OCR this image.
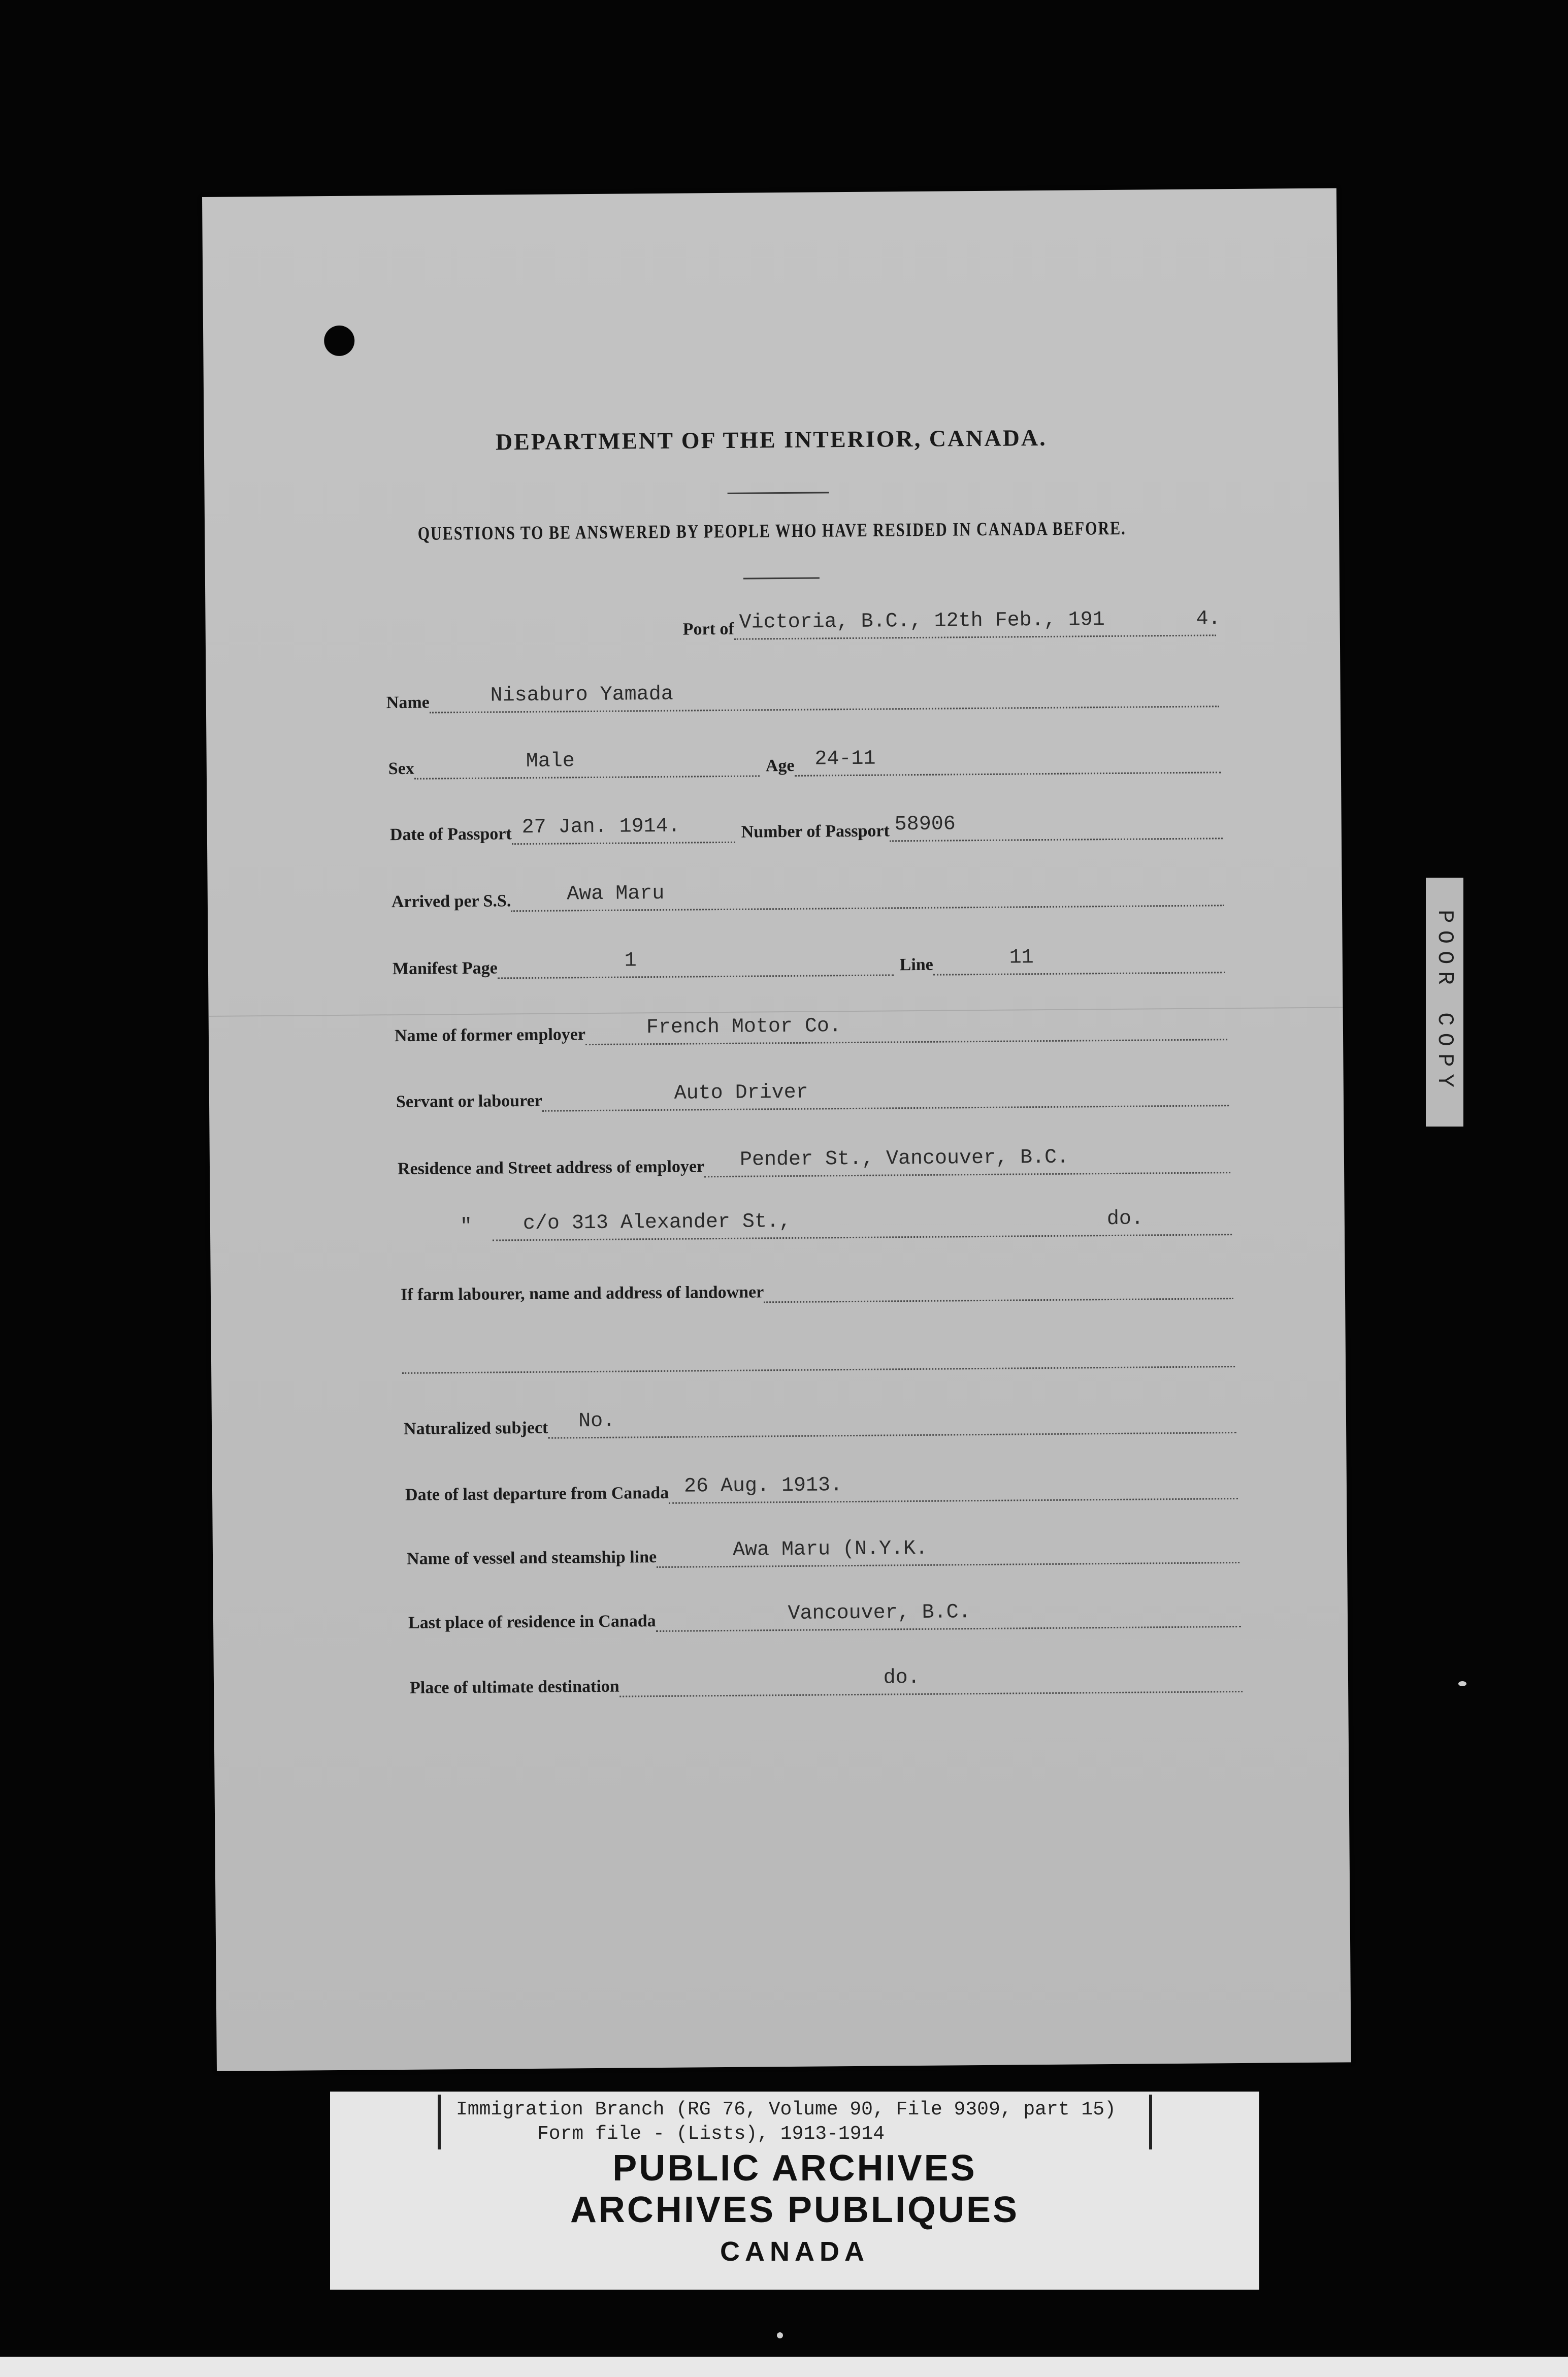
DEPARTMENT OF THE INTERIOR, CANADA.
QUESTIONS TO BE ANSWERED BY PEOPLE WHO HAVE RESIDED IN CANADA BEFORE.
Port of Victoria, B.C., 12th Feb., 191	4.
Name	Nisaburo Yamada
Sex	Male	Age 24-11
Date of Passport 27 Jan. 1914.	Number of Passport 58906
Arrived per S.S.	Awa Maru
Manifest Page	1	Line	11
Name of former employer	French Motor Co.
Servant or labourer	Auto Driver
Residence and Street address of employer Pender St., Vancouver, B.C.
"	c/o 313 Alexander St.,	do.
If farm labourer, name and address of landowner
Naturalized subject No.
Date of last departure from Canada 26 Aug. 1913.
Name of vessel and steamship line	Awa Maru (N.Y.K.
Last place of residence in Canada	Vancouver, B.C.
Place of ultimate destination	do.
POOR COPY
Immigration Branch (RG 76, Volume 90, File 9309, part 15)
Form file - (Lists), 1913-1914
PUBLIC ARCHIVES
ARCHIVES PUBLIQUES
CANADA
